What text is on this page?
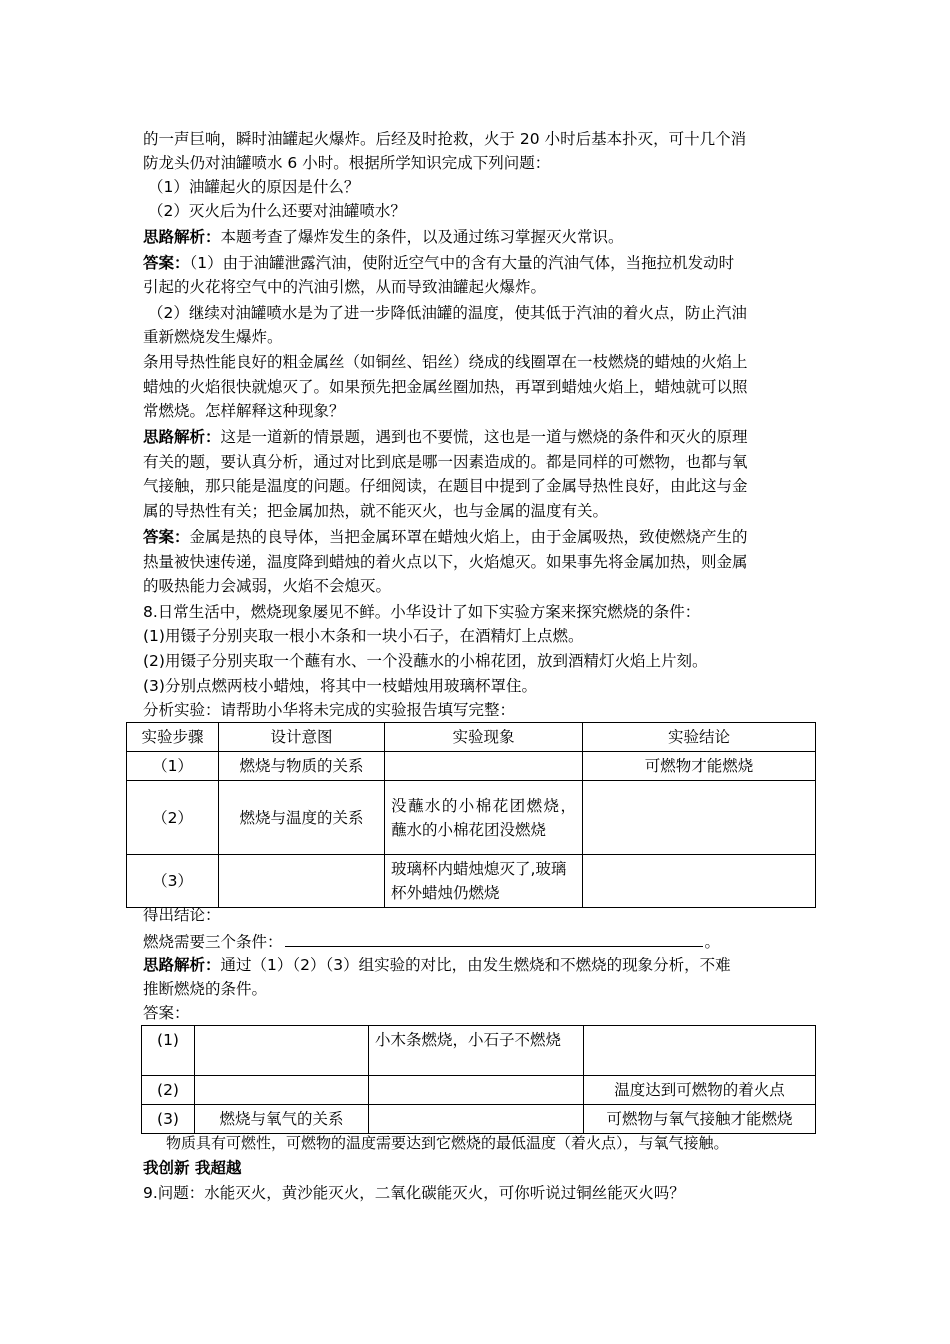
的一声巨响，瞬时油罐起火爆炸。后经及时抢救，火于 20 小时后基本扑灭，可十几个消
防龙头仍对油罐喷水 6 小时。根据所学知识完成下列问题：
（1）油罐起火的原因是什么？
（2）灭火后为什么还要对油罐喷水？
思路解析：本题考查了爆炸发生的条件，以及通过练习掌握灭火常识。
答案：（1）由于油罐泄露汽油，使附近空气中的含有大量的汽油气体，当拖拉机发动时
引起的火花将空气中的汽油引燃，从而导致油罐起火爆炸。
（2）继续对油罐喷水是为了进一步降低油罐的温度，使其低于汽油的着火点，防止汽油
重新燃烧发生爆炸。
条用导热性能良好的粗金属丝（如铜丝、铝丝）绕成的线圈罩在一枝燃烧的蜡烛的火焰上
蜡烛的火焰很快就熄灭了。如果预先把金属丝圈加热，再罩到蜡烛火焰上，蜡烛就可以照
常燃烧。怎样解释这种现象？
思路解析：这是一道新的情景题，遇到也不要慌，这也是一道与燃烧的条件和灭火的原理
有关的题，要认真分析，通过对比到底是哪一因素造成的。都是同样的可燃物，也都与氧
气接触，那只能是温度的问题。仔细阅读，在题目中提到了金属导热性良好，由此这与金
属的导热性有关；把金属加热，就不能灭火，也与金属的温度有关。
答案：金属是热的良导体，当把金属环罩在蜡烛火焰上，由于金属吸热，致使燃烧产生的
热量被快速传递，温度降到蜡烛的着火点以下，火焰熄灭。如果事先将金属加热，则金属
的吸热能力会减弱，火焰不会熄灭。
8.日常生活中，燃烧现象屡见不鲜。小华设计了如下实验方案来探究燃烧的条件：
(1)用镊子分别夹取一根小木条和一块小石子，在酒精灯上点燃。
(2)用镊子分别夹取一个蘸有水、一个没蘸水的小棉花团，放到酒精灯火焰上片刻。
(3)分别点燃两枝小蜡烛，将其中一枝蜡烛用玻璃杯罩住。
分析实验：请帮助小华将未完成的实验报告填写完整：
实验步骤	设计意图	实验现象	实验结论
（1）	燃烧与物质的关系		可燃物才能燃烧
（2）	燃烧与温度的关系	没蘸水的小棉花团燃烧，蘸水的小棉花团没燃烧	
（3）		玻璃杯内蜡烛熄灭了,玻璃杯外蜡烛仍燃烧	
得出结论：
燃烧需要三个条件：	。
思路解析：通过（1）（2）（3）组实验的对比，由发生燃烧和不燃烧的现象分析，不难
推断燃烧的条件。
答案：
(1)		小木条燃烧，小石子不燃烧	
(2)			温度达到可燃物的着火点
(3)	燃烧与氧气的关系		可燃物与氧气接触才能燃烧
物质具有可燃性，可燃物的温度需要达到它燃烧的最低温度（着火点），与氧气接触。
我创新 我超越
9.问题：水能灭火，黄沙能灭火，二氧化碳能灭火，可你听说过铜丝能灭火吗？
